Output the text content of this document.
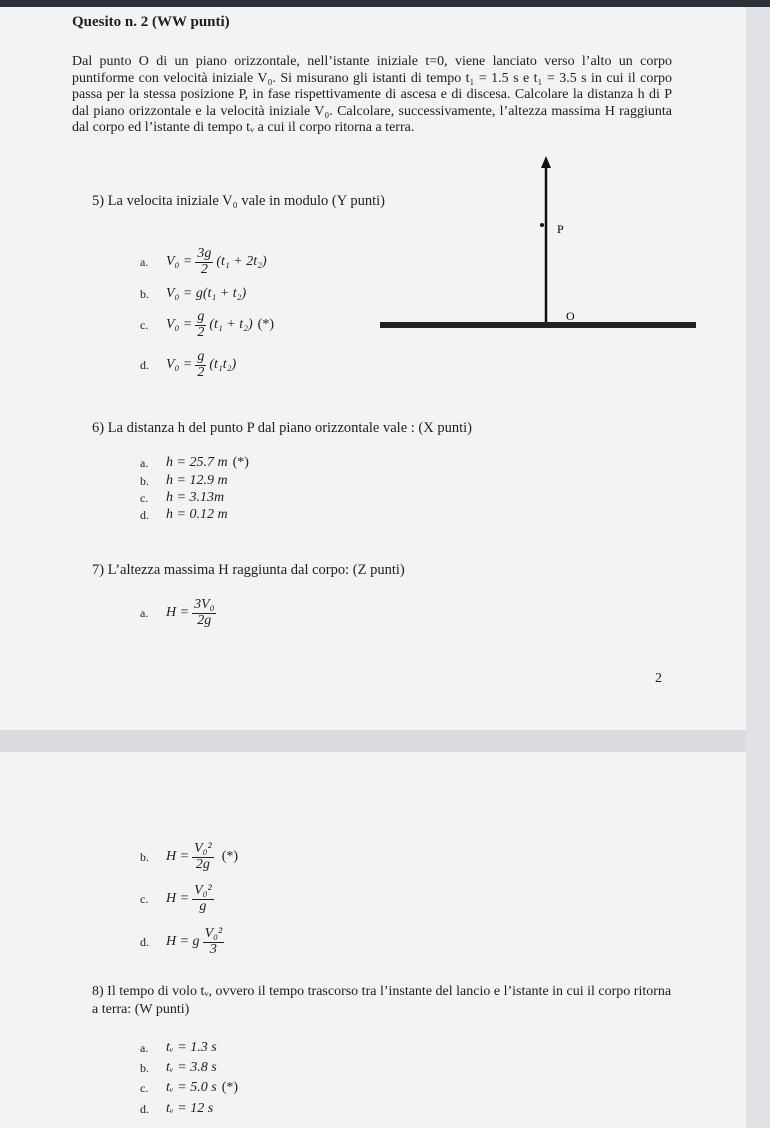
Quesito n. 2 (WW punti)
Dal punto O di un piano orizzontale, nell’istante iniziale t=0, viene lanciato verso l’alto un corpo puntiforme con velocità iniziale V₀. Si misurano gli istanti di tempo t₁ = 1.5 s e t₁ = 3.5 s in cui il corpo passa per la stessa posizione P, in fase rispettivamente di ascesa e di discesa. Calcolare la distanza h di P dal piano orizzontale e la velocità iniziale V₀. Calcolare, successivamente, l’altezza massima H raggiunta dal corpo ed l’istante di tempo tᵥ a cui il corpo ritorna a terra.
P
O
5) La velocita iniziale V₀ vale in modulo (Y punti)
a.	$V_0 = \frac{3g}{2} (t_1 + 2t_2)$
b.	V₀ = g(t₁ + t₂)
c.	$V_0 = \frac{g}{2} (t_1 + t_2)$ (*)
d.	$V_0 = \frac{g}{2} (t_1t_2)$
6) La distanza h del punto P dal piano orizzontale vale : (X punti)
a.	h = 25.7 m (*)
b.	h = 12.9 m
c.	h = 3.13m
d.	h = 0.12 m
7) L’altezza massima H raggiunta dal corpo: (Z punti)
a.	$H = \frac{\text{3V₀}}{2g}$
2
b.	$H = \frac{\text{V₀²}}{2g}$ (*)
c.	$H = \frac{\text{V₀²}}{g}$
d.	H = g $\frac{\text{V₀²}}{3}$
8) Il tempo di volo tᵥ, ovvero il tempo trascorso tra l’instante del lancio e l’istante in cui il corpo ritorna a terra: (W punti)
a.	tᵥ = 1.3 s
b.	tᵥ = 3.8 s
c.	tᵥ = 5.0 s (*)
d.	tᵥ = 12 s
